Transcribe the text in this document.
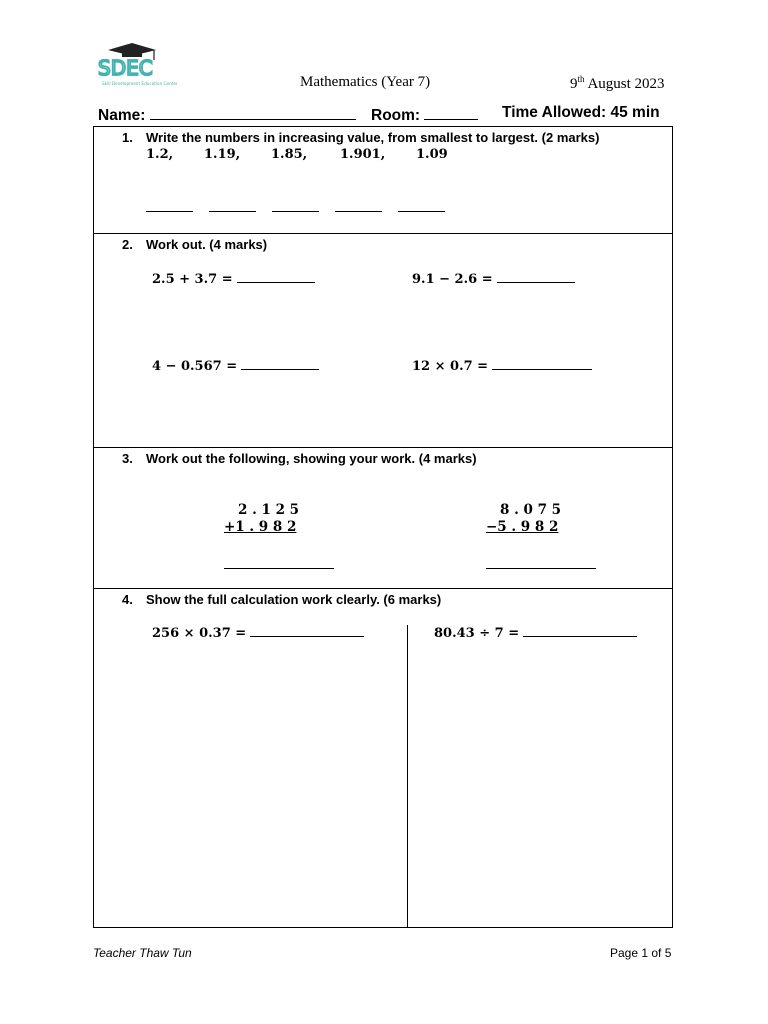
SDEC
Skill Development Education Center	Mathematics (Year 7)	9th August 2023
Name:	Room:	Time Allowed: 45 min
1. Write the numbers in increasing value, from smallest to largest. (2 marks)
1.2, 1.19, 1.85,	1.901, 1.09
2. Work out. (4 marks)
2.5 + 3.7 =	9.1 − 2.6 =
4 − 0.567 =	12 × 0.7 =
3. Work out the following, showing your work. (4 marks)
2 . 1 2 5
+1 . 9 8 2
8 . 0 7 5
−5 . 9 8 2
4. Show the full calculation work clearly. (6 marks)
256 × 0.37 =	80.43 ÷ 7 =
Teacher Thaw Tun	Page 1 of 5
